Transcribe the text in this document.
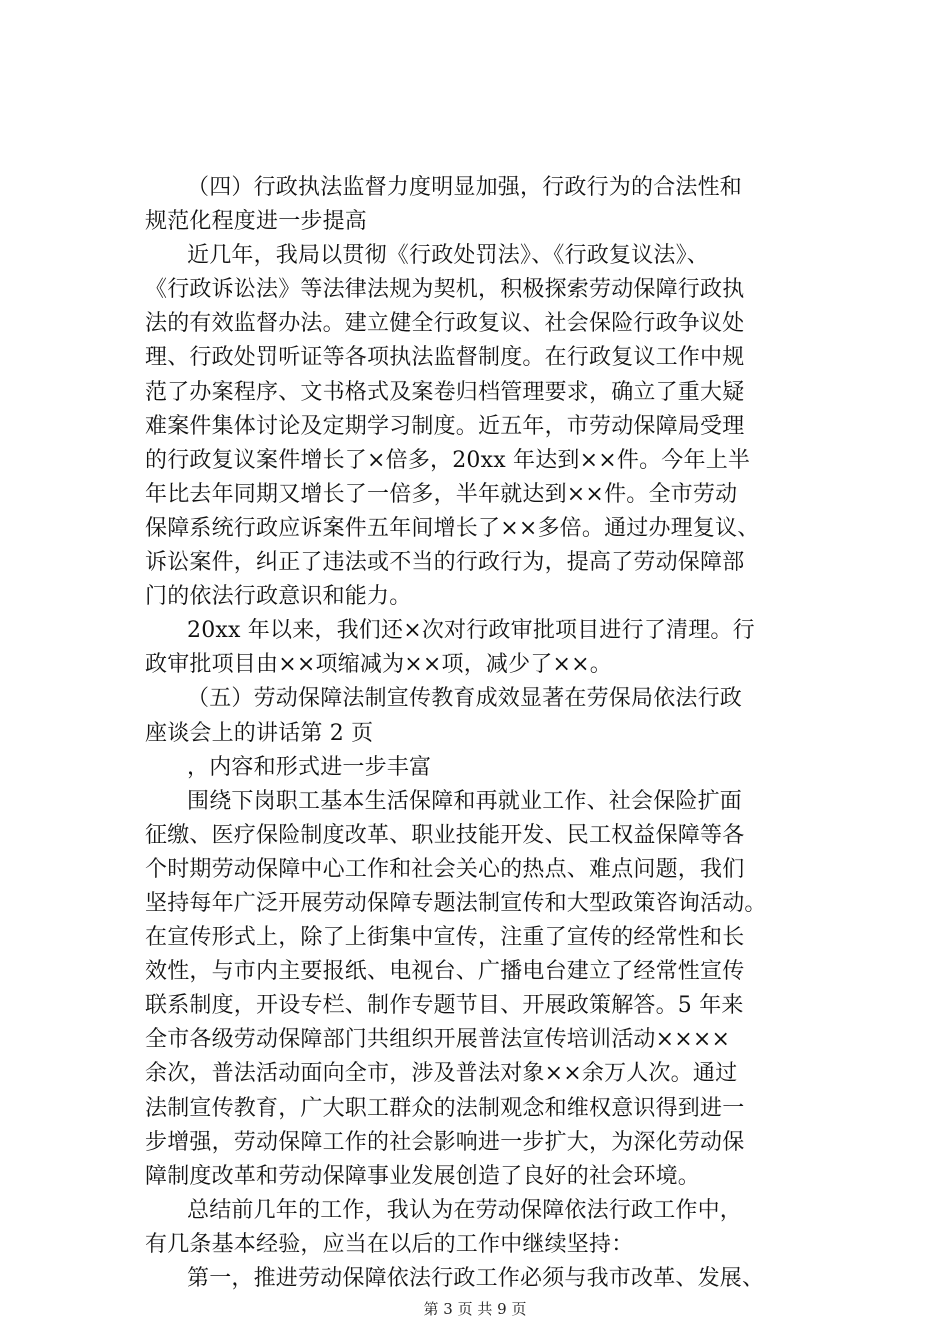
（四）行政执法监督力度明显加强，行政行为的合法性和
规范化程度进一步提高
近几年，我局以贯彻《行政处罚法》、《行政复议法》、
《行政诉讼法》等法律法规为契机，积极探索劳动保障行政执
法的有效监督办法。建立健全行政复议、社会保险行政争议处
理、行政处罚听证等各项执法监督制度。在行政复议工作中规
范了办案程序、文书格式及案卷归档管理要求，确立了重大疑
难案件集体讨论及定期学习制度。近五年，市劳动保障局受理
的行政复议案件增长了×倍多，20xx 年达到××件。今年上半
年比去年同期又增长了一倍多，半年就达到××件。全市劳动
保障系统行政应诉案件五年间增长了××多倍。通过办理复议、
诉讼案件，纠正了违法或不当的行政行为，提高了劳动保障部
门的依法行政意识和能力。
20xx 年以来，我们还×次对行政审批项目进行了清理。行
政审批项目由××项缩减为××项，减少了××。
（五）劳动保障法制宣传教育成效显著在劳保局依法行政
座谈会上的讲话第 2 页
，内容和形式进一步丰富
围绕下岗职工基本生活保障和再就业工作、社会保险扩面
征缴、医疗保险制度改革、职业技能开发、民工权益保障等各
个时期劳动保障中心工作和社会关心的热点、难点问题，我们
坚持每年广泛开展劳动保障专题法制宣传和大型政策咨询活动。
在宣传形式上，除了上街集中宣传，注重了宣传的经常性和长
效性，与市内主要报纸、电视台、广播电台建立了经常性宣传
联系制度，开设专栏、制作专题节目、开展政策解答。5 年来
全市各级劳动保障部门共组织开展普法宣传培训活动××××
余次，普法活动面向全市，涉及普法对象××余万人次。通过
法制宣传教育，广大职工群众的法制观念和维权意识得到进一
步增强，劳动保障工作的社会影响进一步扩大，为深化劳动保
障制度改革和劳动保障事业发展创造了良好的社会环境。
总结前几年的工作，我认为在劳动保障依法行政工作中，
有几条基本经验，应当在以后的工作中继续坚持：
第一，推进劳动保障依法行政工作必须与我市改革、发展、
第 3 页 共 9 页
